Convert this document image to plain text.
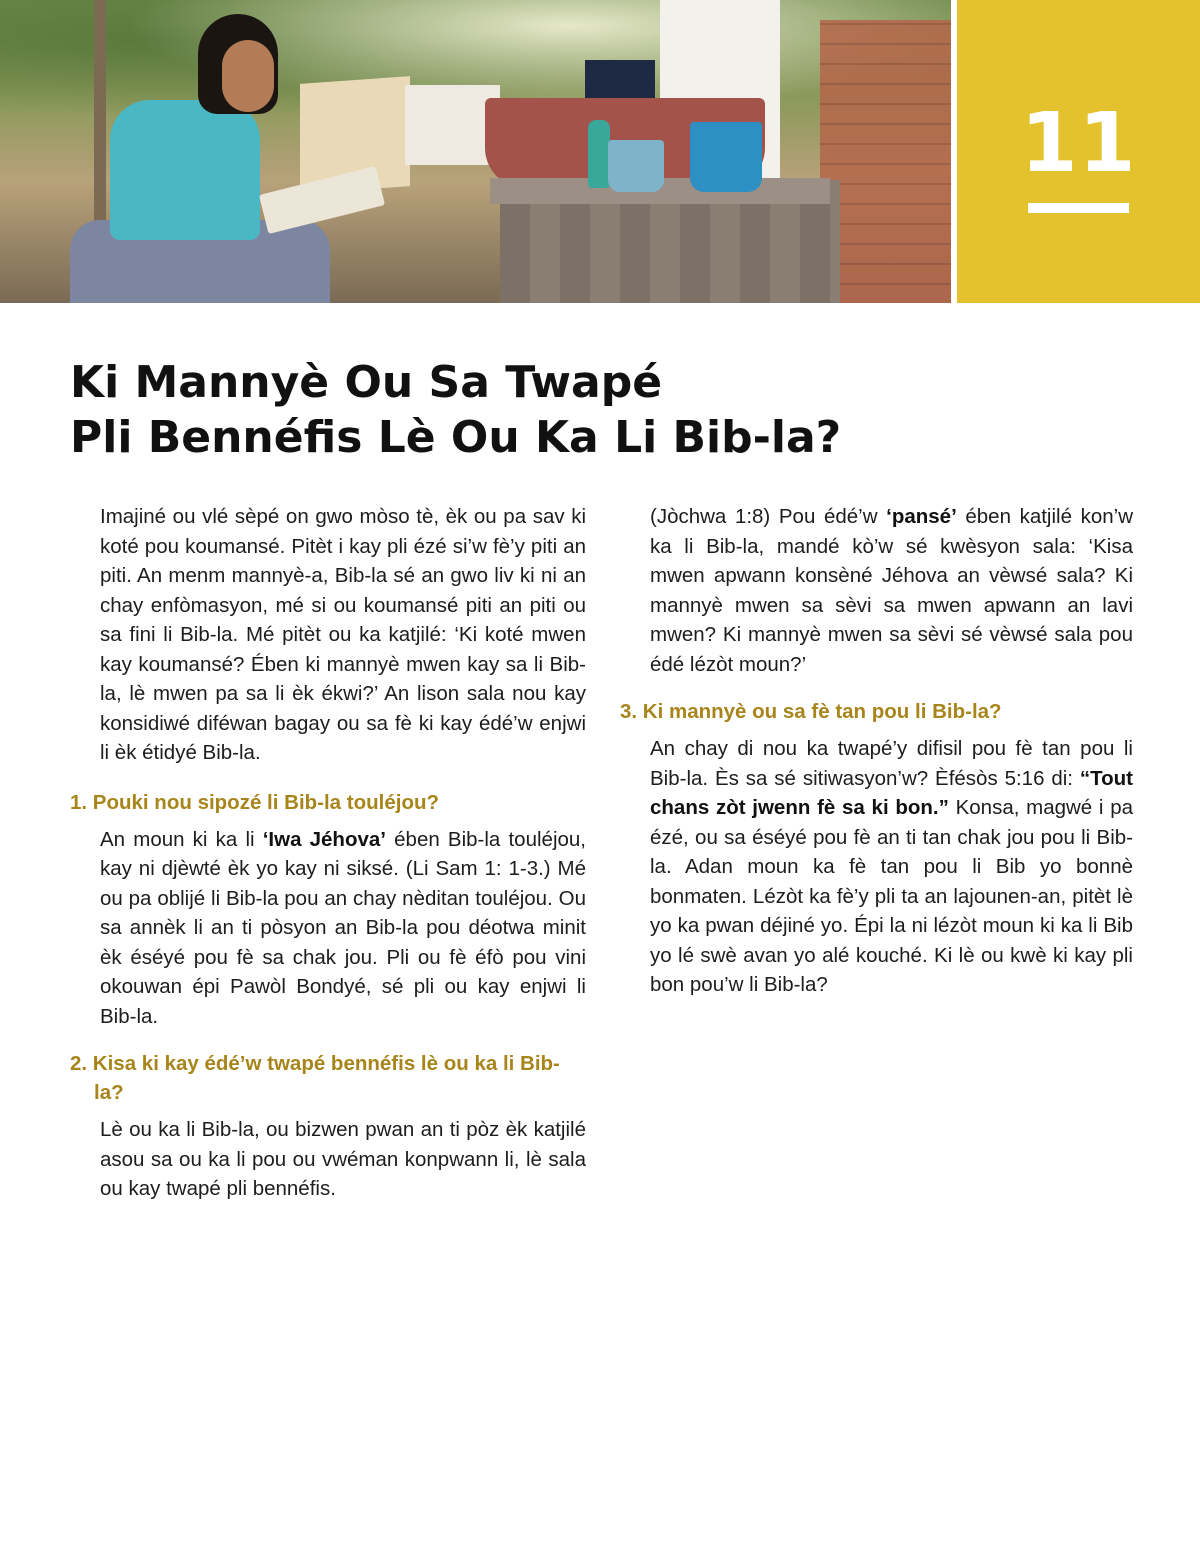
11
Ki Mannyè Ou Sa Twapé
Pli Bennéfis Lè Ou Ka Li Bib-la?

Imajiné ou vlé sèpé on gwo mòso tè, èk ou pa sav ki koté pou koumansé. Pitèt i kay pli ézé si’w fè’y piti an piti. An menm mannyè-a, Bib-la sé an gwo liv ki ni an chay enfòmasyon, mé si ou koumansé piti an piti ou sa fini li Bib-la. Mé pitèt ou ka katjilé: ‘Ki koté mwen kay koumansé? Ében ki mannyè mwen kay sa li Bib-la, lè mwen pa sa li èk ékwi?’ An lison sala nou kay konsidiwé diféwan bagay ou sa fè ki kay édé’w enjwi li èk étidyé Bib-la.

1. Pouki nou sipozé li Bib-la touléjou?

An moun ki ka li ‘Iwa Jéhova’ ében Bib-la touléjou, kay ni djèwté èk yo kay ni siksé. (Li Sam 1: 1-3.) Mé ou pa oblijé li Bib-la pou an chay nèditan touléjou. Ou sa annèk li an ti pòsyon an Bib-la pou déotwa minit èk éséyé pou fè sa chak jou. Pli ou fè éfò pou vini okouwan épi Pawòl Bondyé, sé pli ou kay enjwi li Bib-la.

2. Kisa ki kay édé’w twapé bennéfis lè ou ka li Bib-la?

Lè ou ka li Bib-la, ou bizwen pwan an ti pòz èk katjilé asou sa ou ka li pou ou vwéman konpwann li, lè sala ou kay twapé pli bennéfis.

(Jòchwa 1:8) Pou édé’w ‘pansé’ ében katjilé kon’w ka li Bib-la, mandé kò’w sé kwèsyon sala: ‘Kisa mwen apwann konsèné Jéhova an vèwsé sala? Ki mannyè mwen sa sèvi sa mwen apwann an lavi mwen? Ki mannyè mwen sa sèvi sé vèwsé sala pou édé lézòt moun?’

3. Ki mannyè ou sa fè tan pou li Bib-la?

An chay di nou ka twapé’y difisil pou fè tan pou li Bib-la. Ès sa sé sitiwasyon’w? Èfésòs 5:16 di: “Tout chans zòt jwenn fè sa ki bon.” Konsa, magwé i pa ézé, ou sa éséyé pou fè an ti tan chak jou pou li Bib-la. Adan moun ka fè tan pou li Bib yo bonnè bonmaten. Lézòt ka fè’y pli ta an lajounen-an, pitèt lè yo ka pwan déjiné yo. Épi la ni lézòt moun ki ka li Bib yo lé swè avan yo alé kouché. Ki lè ou kwè ki kay pli bon pou’w li Bib-la?
